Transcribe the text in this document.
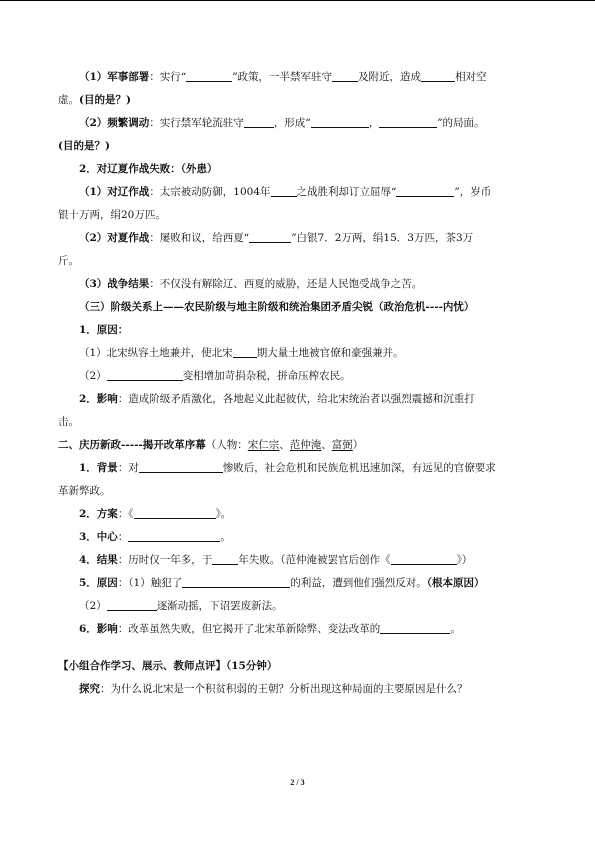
（1）军事部署：实行“	”政策，一半禁军驻守 及附近，造成	相对空
虚。(目的是？)
（2）频繁调动：实行禁军轮流驻守	，形成“	，	”的局面。
(目的是？)
2．对辽夏作战失败：（外患）
（1）对辽作战：太宗被动防御，1004年 之战胜利却订立屈辱“	”，岁币
银十万两，绢20万匹。
（2）对夏作战：屡败和议，给西夏“	”白银7．2万两，绢15．3万匹，茶3万
斤。
（3）战争结果：不仅没有解除辽、西夏的威胁，还是人民饱受战争之苦。
（三）阶级关系上——农民阶级与地主阶级和统治集团矛盾尖锐（政治危机----内忧）
1．原因：
（1）北宋纵容土地兼并，使北宋 期大量土地被官僚和豪强兼并。
（2）	变相增加苛捐杂税，拼命压榨农民。
2．影响：造成阶级矛盾激化，各地起义此起彼伏，给北宋统治者以强烈震撼和沉重打
击。
二、庆历新政-----揭开改革序幕（人物：宋仁宗、范仲淹、富弼）
1．背景：对	惨败后，社会危机和民族危机迅速加深，有远见的官僚要求
革新弊政。
2．方案：《	》。
3．中心：	。
4．结果：历时仅一年多，于 年失败。（范仲淹被罢官后创作《	》）
5．原因：（1）触犯了	的利益，遭到他们强烈反对。（根本原因）
（2）	逐渐动摇，下诏罢废新法。
6．影响：改革虽然失败，但它揭开了北宋革新除弊、变法改革的	。
【小组合作学习、展示、教师点评】（15分钟）
探究：为什么说北宋是一个积贫积弱的王朝？分析出现这种局面的主要原因是什么？
2 / 3
